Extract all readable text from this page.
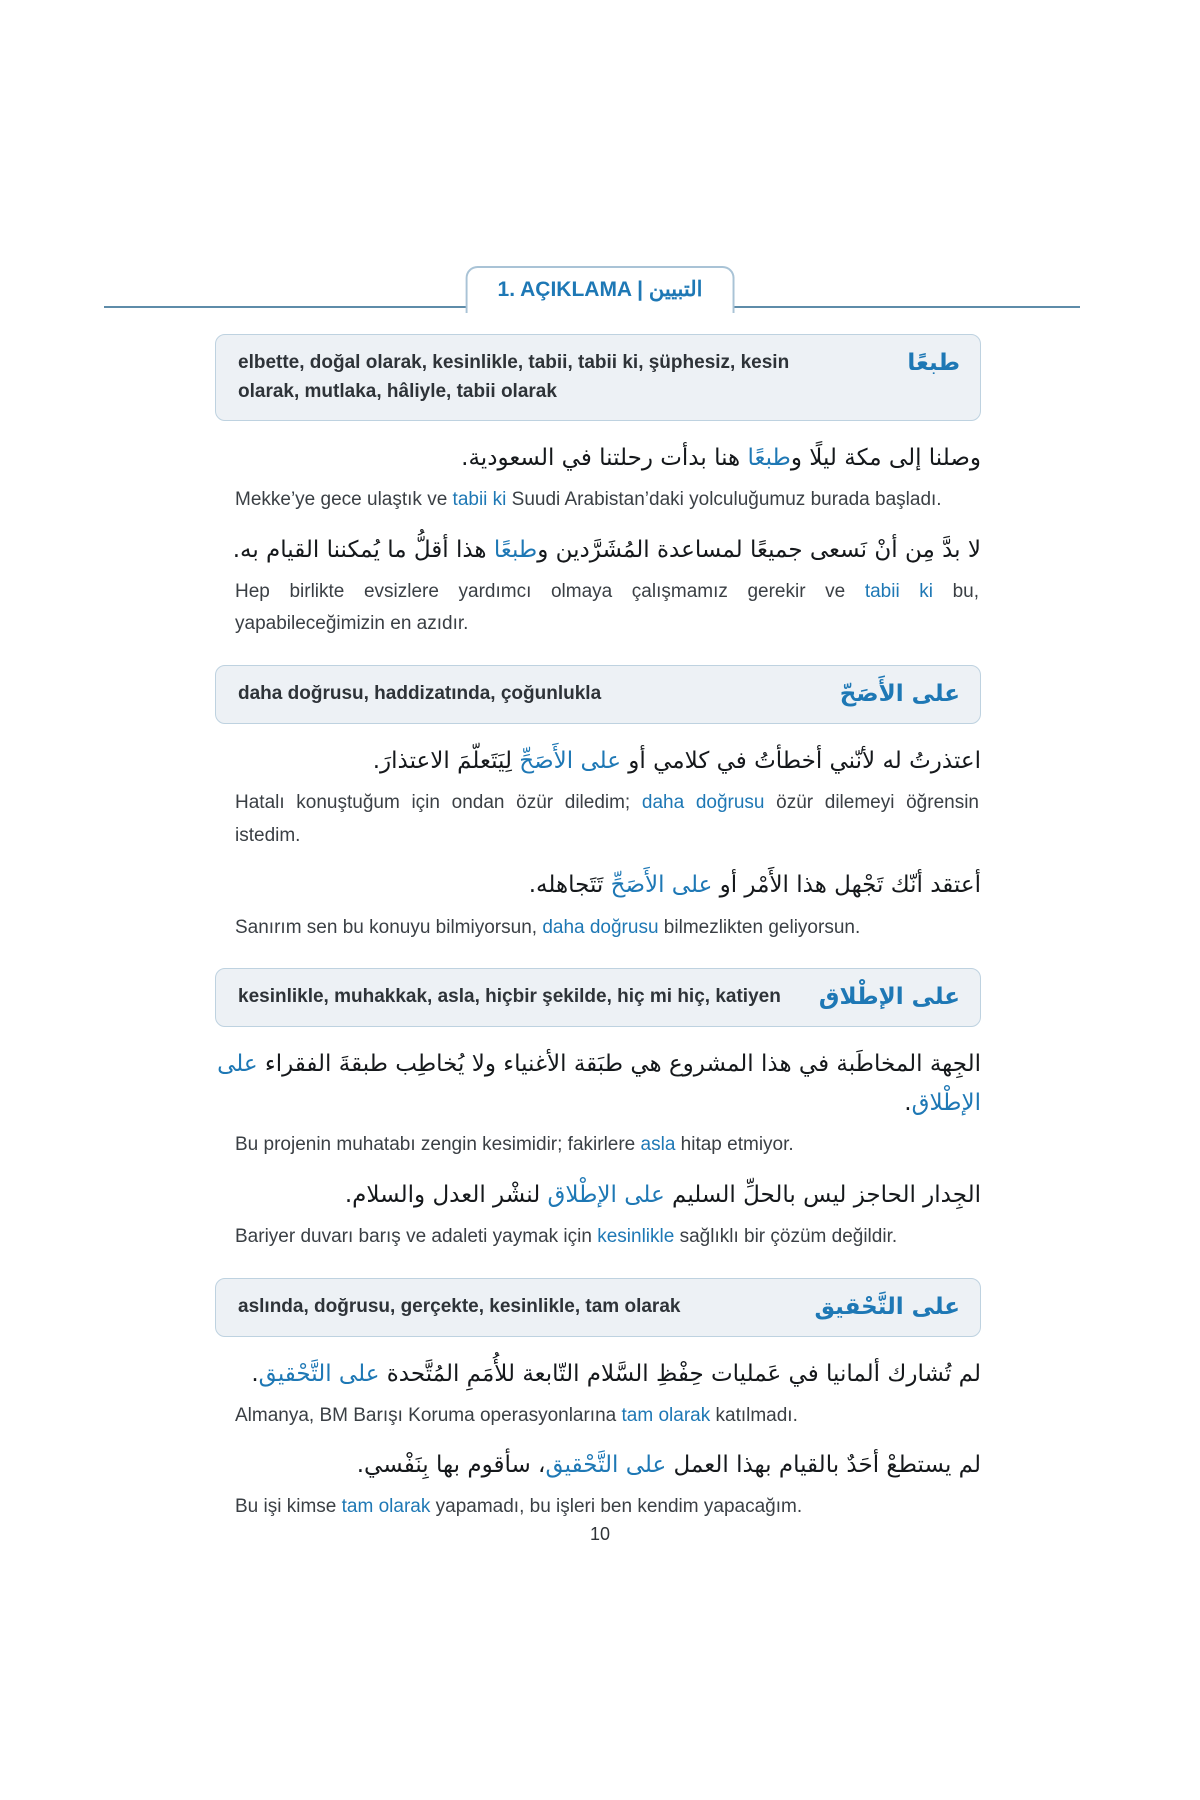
1. AÇIKLAMA | التبيين
elbette, doğal olarak, kesinlikle, tabii, tabii ki, şüphesiz, kesin olarak, mutlaka, hâliyle, tabii olarak
طبعًا

وصلنا إلى مكة ليلًا وطبعًا هنا بدأت رحلتنا في السعودية.

Mekke’ye gece ulaştık ve tabii ki Suudi Arabistan’daki yolculuğumuz burada başladı.

لا بدَّ مِن أنْ نَسعى جميعًا لمساعدة المُشَرَّدين وطبعًا هذا أقلُّ ما يُمكننا القيام به.

Hep birlikte evsizlere yardımcı olmaya çalışmamız gerekir ve tabii ki bu, yapabileceğimizin en azıdır.

daha doğrusu, haddizatında, çoğunlukla	على الأَصَحّ

اعتذرتُ له لأنّني أخطأتُ في كلامي أو على الأَصَحِّ لِيَتَعلّمَ الاعتذارَ.

Hatalı konuştuğum için ondan özür diledim; daha doğrusu özür dilemeyi öğrensin istedim.

أعتقد أنّك تَجْهل هذا الأَمْر أو على الأَصَحِّ تَتَجاهله.

Sanırım sen bu konuyu bilmiyorsun, daha doğrusu bilmezlikten geliyorsun.

kesinlikle, muhakkak, asla, hiçbir şekilde, hiç mi hiç, katiyen على الإطْلاق

الجِهة المخاطَبة في هذا المشروع هي طبَقة الأغنياء ولا يُخاطِب طبقةَ الفقراء على الإطْلاق.

Bu projenin muhatabı zengin kesimidir; fakirlere asla hitap etmiyor.

الجِدار الحاجز ليس بالحلِّ السليم على الإطْلاق لنشْر العدل والسلام.

Bariyer duvarı barış ve adaleti yaymak için kesinlikle sağlıklı bir çözüm değildir.

aslında, doğrusu, gerçekte, kesinlikle, tam olarak	على التَّحْقيق

لم تُشارك ألمانيا في عَمليات حِفْظِ السَّلام التّابعة للأُمَمِ المُتَّحدة على التَّحْقيق.

Almanya, BM Barışı Koruma operasyonlarına tam olarak katılmadı.

لم يستطعْ أحَدٌ بالقيام بهذا العمل على التَّحْقيق، سأقوم بها بِنَفْسي.

Bu işi kimse tam olarak yapamadı, bu işleri ben kendim yapacağım.

10
